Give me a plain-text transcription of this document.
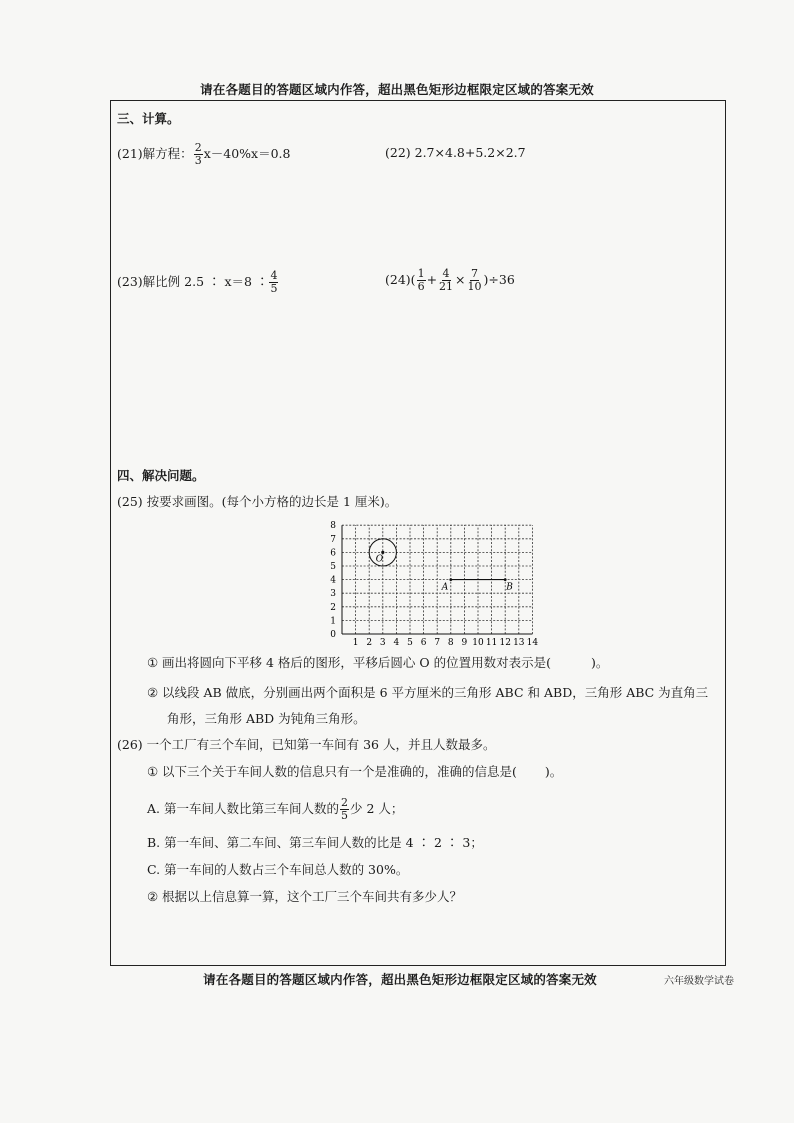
请在各题目的答题区域内作答，超出黑色矩形边框限定区域的答案无效
三、计算。
(21)解方程： $\frac{2}{3} x-40\%x=0.8$	(22) 2.7×4.8+5.2×2.7
(23)解比例 2.5 ∶ x＝8 ∶ $\frac{4}{5}$	$(24)( \frac{1}{6} + \frac{4}{21} \times \frac{7}{10} )\div 36$
四、解决问题。
(25) 按要求画图。(每个小方格的边长是 1 厘米)。
1 2 3 4 5 6 7 8 9 10 11 12 13 14
0
1
2
3
4
5
6
7
8
O
A	B
① 画出将圆向下平移 4 格后的图形，平移后圆心 O 的位置用数对表示是(	)。
② 以线段 AB 做底，分别画出两个面积是 6 平方厘米的三角形 ABC 和 ABD，三角形 ABC 为直角三
角形，三角形 ABD 为钝角三角形。
(26) 一个工厂有三个车间，已知第一车间有 36 人，并且人数最多。
① 以下三个关于车间人数的信息只有一个是准确的，准确的信息是( )。
A. 第一车间人数比第三车间人数的 $\frac{2}{5}$ 少 2 人；
B. 第一车间、第二车间、第三车间人数的比是 4 ∶ 2 ∶ 3；
C. 第一车间的人数占三个车间总人数的 30%。
② 根据以上信息算一算，这个工厂三个车间共有多少人？
请在各题目的答题区域内作答，超出黑色矩形边框限定区域的答案无效	六年级数学试卷
